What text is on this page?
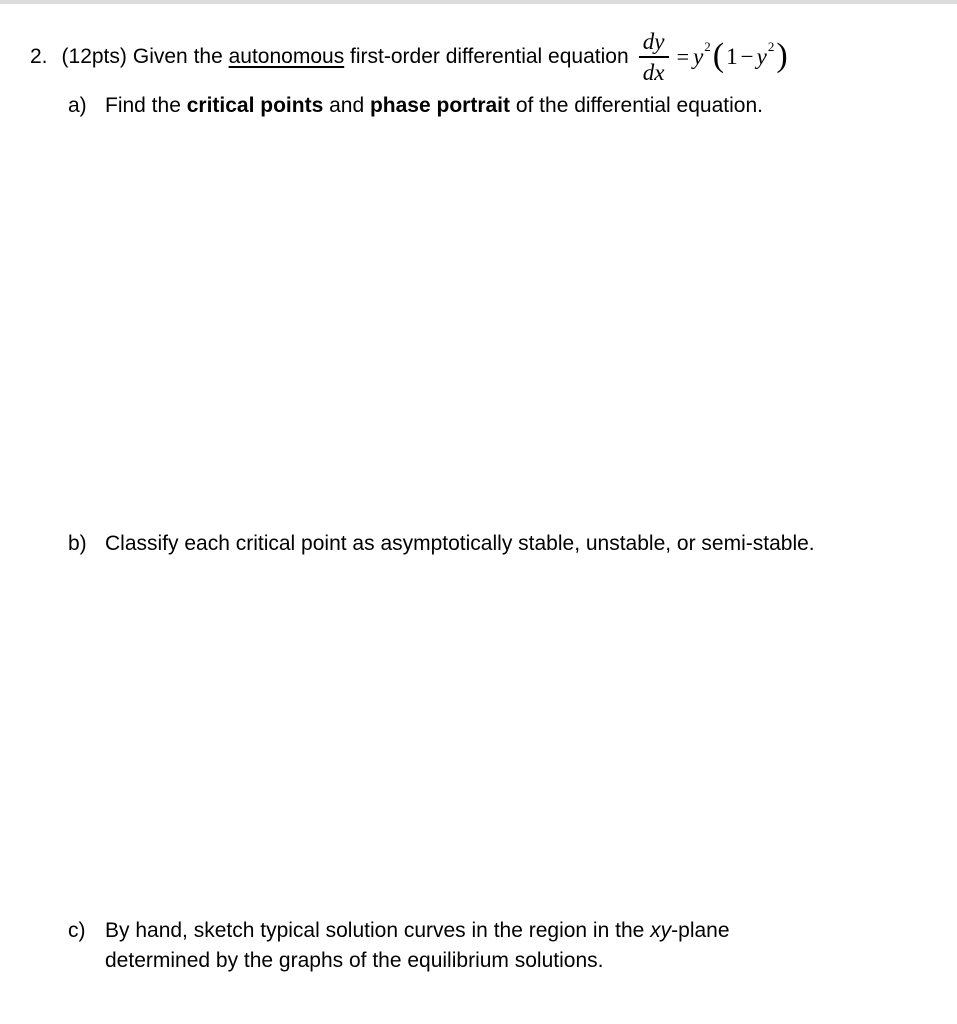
2. (12pts) Given the autonomous first-order differential equation $\frac{dy}{dx} = y$ 2 ( 1 − y 2 )
a) Find the critical points and phase portrait of the differential equation.
b) Classify each critical point as asymptotically stable, unstable, or semi-stable.
c) By hand, sketch typical solution curves in the region in the xy-plane
determined by the graphs of the equilibrium solutions.
